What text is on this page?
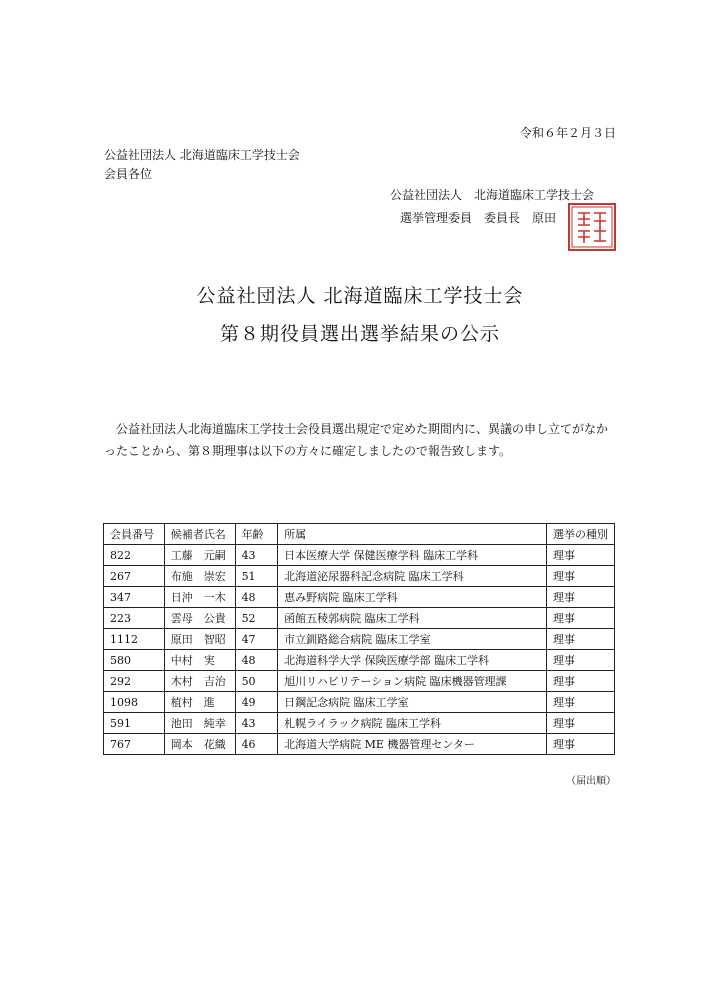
令和６年２月３日
公益社団法人 北海道臨床工学技士会
会員各位
公益社団法人　北海道臨床工学技士会
選挙管理委員　委員長　原田
公益社団法人 北海道臨床工学技士会
第８期役員選出選挙結果の公示
公益社団法人北海道臨床工学技士会役員選出規定で定めた期間内に、異議の申し立てがなかったことから、第８期理事は以下の方々に確定しましたので報告致します。
会員番号	候補者氏名	年齢	所属	選挙の種別
822	工藤　元嗣	43	日本医療大学 保健医療学科 臨床工学科	理事
267	布施　崇宏	51	北海道泌尿器科記念病院 臨床工学科	理事
347	日沖　一木	48	恵み野病院 臨床工学科	理事
223	雲母　公貴	52	函館五稜郭病院 臨床工学科	理事
1112	原田　智昭	47	市立釧路総合病院 臨床工学室	理事
580	中村　実	48	北海道科学大学 保険医療学部 臨床工学科	理事
292	木村　吉治	50	旭川リハビリテーション病院 臨床機器管理課	理事
1098	植村　進	49	日鋼記念病院 臨床工学室	理事
591	池田　純幸	43	札幌ライラック病院 臨床工学科	理事
767	岡本　花織	46	北海道大学病院 ME 機器管理センター	理事
（届出順）
